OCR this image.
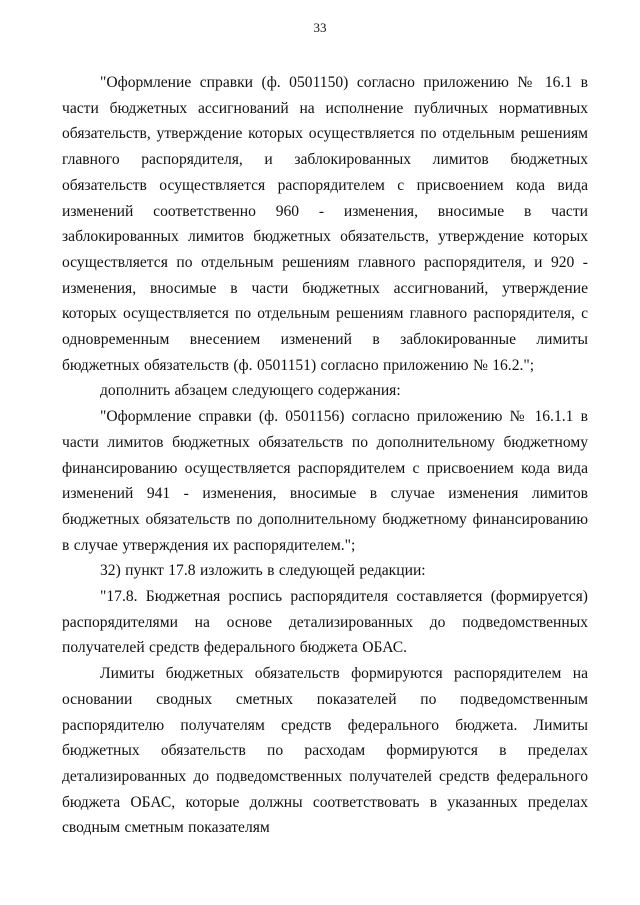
33

"Оформление справки (ф. 0501150) согласно приложению № 16.1 в части бюджетных ассигнований на исполнение публичных нормативных обязательств, утверждение которых осуществляется по отдельным решениям главного распорядителя, и заблокированных лимитов бюджетных обязательств осуществляется распорядителем с присвоением кода вида изменений соответственно 960 - изменения, вносимые в части заблокированных лимитов бюджетных обязательств, утверждение которых осуществляется по отдельным решениям главного распорядителя, и 920 - изменения, вносимые в части бюджетных ассигнований, утверждение которых осуществляется по отдельным решениям главного распорядителя, с одновременным внесением изменений в заблокированные лимиты бюджетных обязательств (ф. 0501151) согласно приложению № 16.2.";

дополнить абзацем следующего содержания:

"Оформление справки (ф. 0501156) согласно приложению № 16.1.1 в части лимитов бюджетных обязательств по дополнительному бюджетному финансированию осуществляется распорядителем с присвоением кода вида изменений 941 - изменения, вносимые в случае изменения лимитов бюджетных обязательств по дополнительному бюджетному финансированию в случае утверждения их распорядителем.";

32) пункт 17.8 изложить в следующей редакции:

"17.8. Бюджетная роспись распорядителя составляется (формируется) распорядителями на основе детализированных до подведомственных получателей средств федерального бюджета ОБАС.

Лимиты бюджетных обязательств формируются распорядителем на основании сводных сметных показателей по подведомственным распорядителю получателям средств федерального бюджета. Лимиты бюджетных обязательств по расходам формируются в пределах детализированных до подведомственных получателей средств федерального бюджета ОБАС, которые должны соответствовать в указанных пределах сводным сметным показателям
